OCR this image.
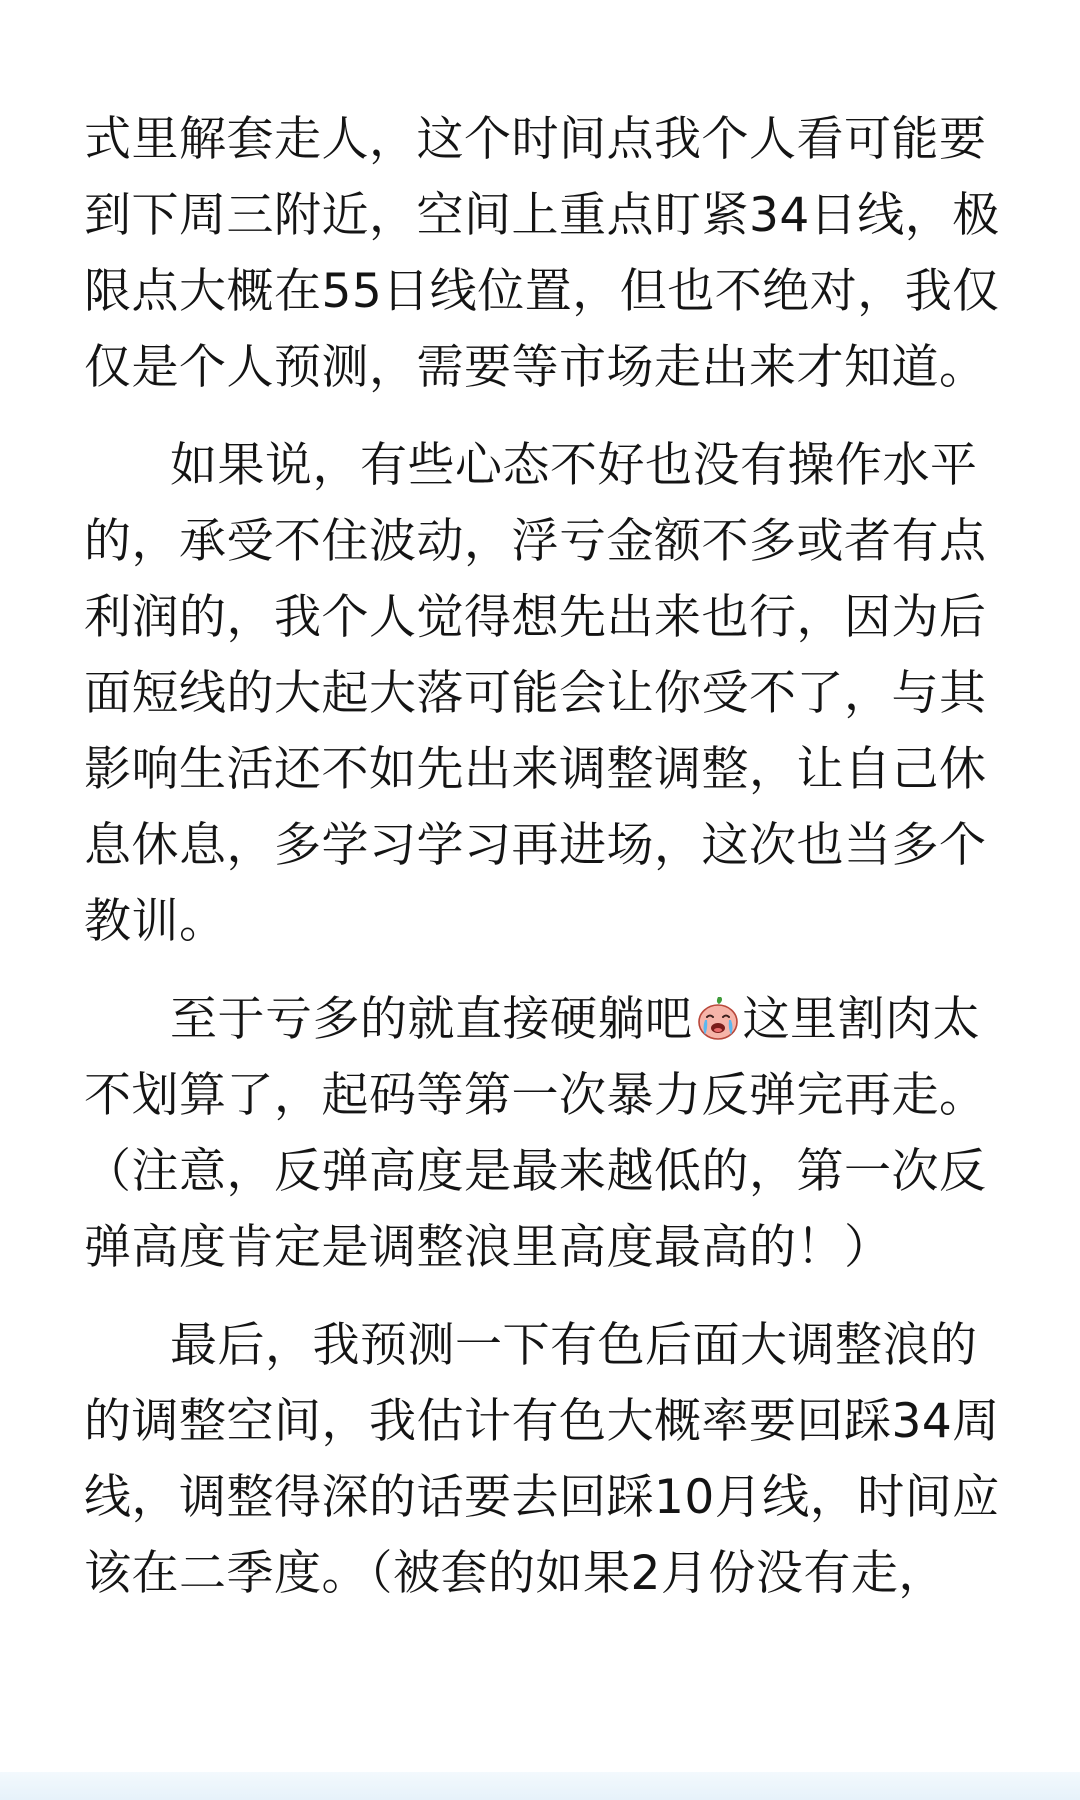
式里解套走人，这个时间点我个人看可能要
到下周三附近，空间上重点盯紧34日线，极
限点大概在55日线位置，但也不绝对，我仅
仅是个人预测，需要等市场走出来才知道。
如果说，有些心态不好也没有操作水平
的，承受不住波动，浮亏金额不多或者有点
利润的，我个人觉得想先出来也行，因为后
面短线的大起大落可能会让你受不了，与其
影响生活还不如先出来调整调整，让自己休
息休息，多学习学习再进场，这次也当多个
教训。
至于亏多的就直接硬躺吧 这里割肉太
不划算了，起码等第一次暴力反弹完再走。
（注意，反弹高度是最来越低的，第一次反
弹高度肯定是调整浪里高度最高的！）
最后，我预测一下有色后面大调整浪的
的调整空间，我估计有色大概率要回踩34周
线，调整得深的话要去回踩10月线，时间应
该在二季度。（被套的如果2月份没有走，
